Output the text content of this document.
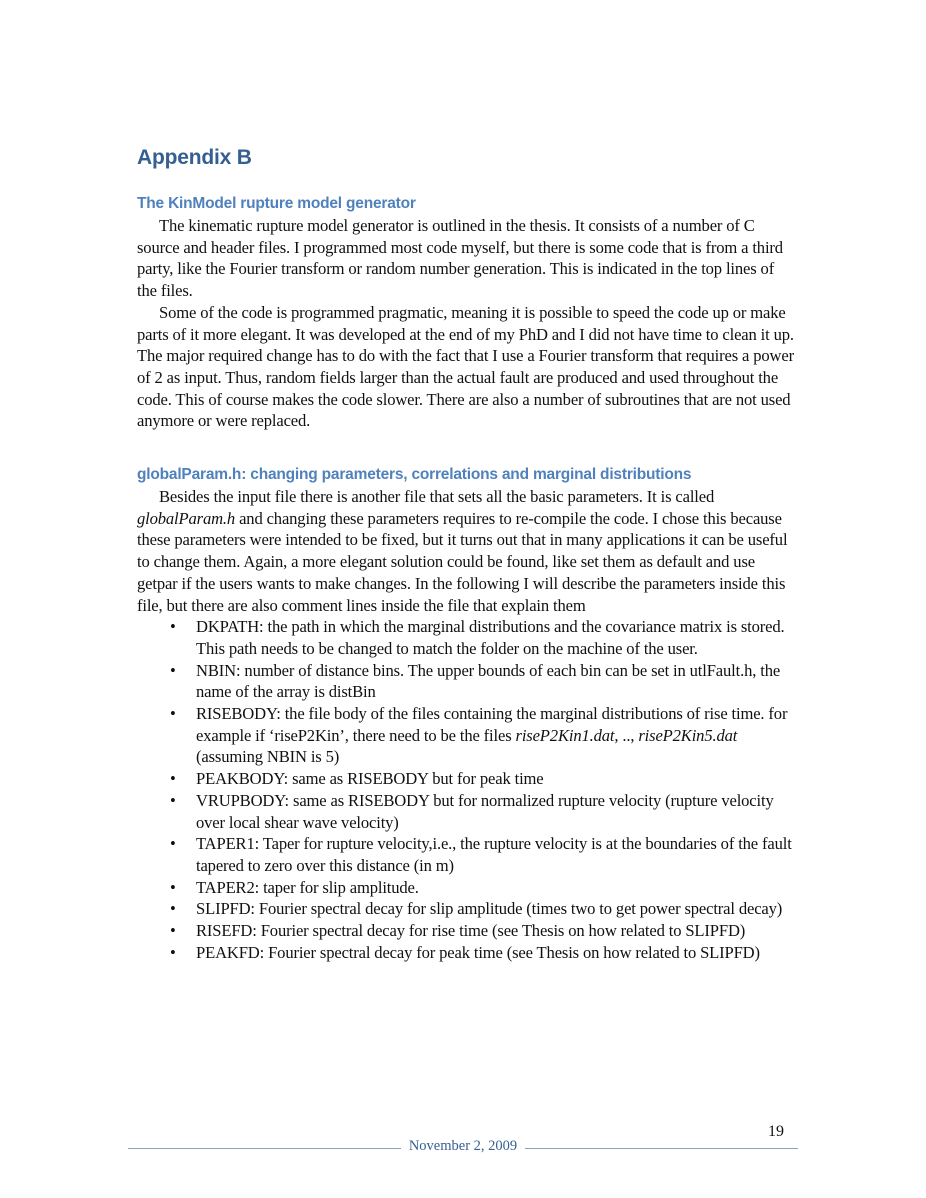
Appendix B
The KinModel rupture model generator

The kinematic rupture model generator is outlined in the thesis. It consists of a number of C source and header files. I programmed most code myself, but there is some code that is from a third party, like the Fourier transform or random number generation. This is indicated in the top lines of the files.

Some of the code is programmed pragmatic, meaning it is possible to speed the code up or make parts of it more elegant. It was developed at the end of my PhD and I did not have time to clean it up. The major required change has to do with the fact that I use a Fourier transform that requires a power of 2 as input. Thus, random fields larger than the actual fault are produced and used throughout the code. This of course makes the code slower. There are also a number of subroutines that are not used anymore or were replaced.

globalParam.h: changing parameters, correlations and marginal distributions

Besides the input file there is another file that sets all the basic parameters. It is called globalParam.h and changing these parameters requires to re-compile the code. I chose this because these parameters were intended to be fixed, but it turns out that in many applications it can be useful to change them. Again, a more elegant solution could be found, like set them as default and use getpar if the users wants to make changes. In the following I will describe the parameters inside this file, but there are also comment lines inside the file that explain them

• DKPATH: the path in which the marginal distributions and the covariance matrix is stored. This path needs to be changed to match the folder on the machine of the user.
• NBIN: number of distance bins. The upper bounds of each bin can be set in utlFault.h, the name of the array is distBin
• RISEBODY: the file body of the files containing the marginal distributions of rise time. for example if ‘riseP2Kin’, there need to be the files riseP2Kin1.dat, .., riseP2Kin5.dat (assuming NBIN is 5)
• PEAKBODY: same as RISEBODY but for peak time
• VRUPBODY: same as RISEBODY but for normalized rupture velocity (rupture velocity over local shear wave velocity)
• TAPER1: Taper for rupture velocity,i.e., the rupture velocity is at the boundaries of the fault tapered to zero over this distance (in m)
• TAPER2: taper for slip amplitude.
• SLIPFD: Fourier spectral decay for slip amplitude (times two to get power spectral decay)
• RISEFD: Fourier spectral decay for rise time (see Thesis on how related to SLIPFD)
• PEAKFD: Fourier spectral decay for peak time (see Thesis on how related to SLIPFD)
19
November 2, 2009
